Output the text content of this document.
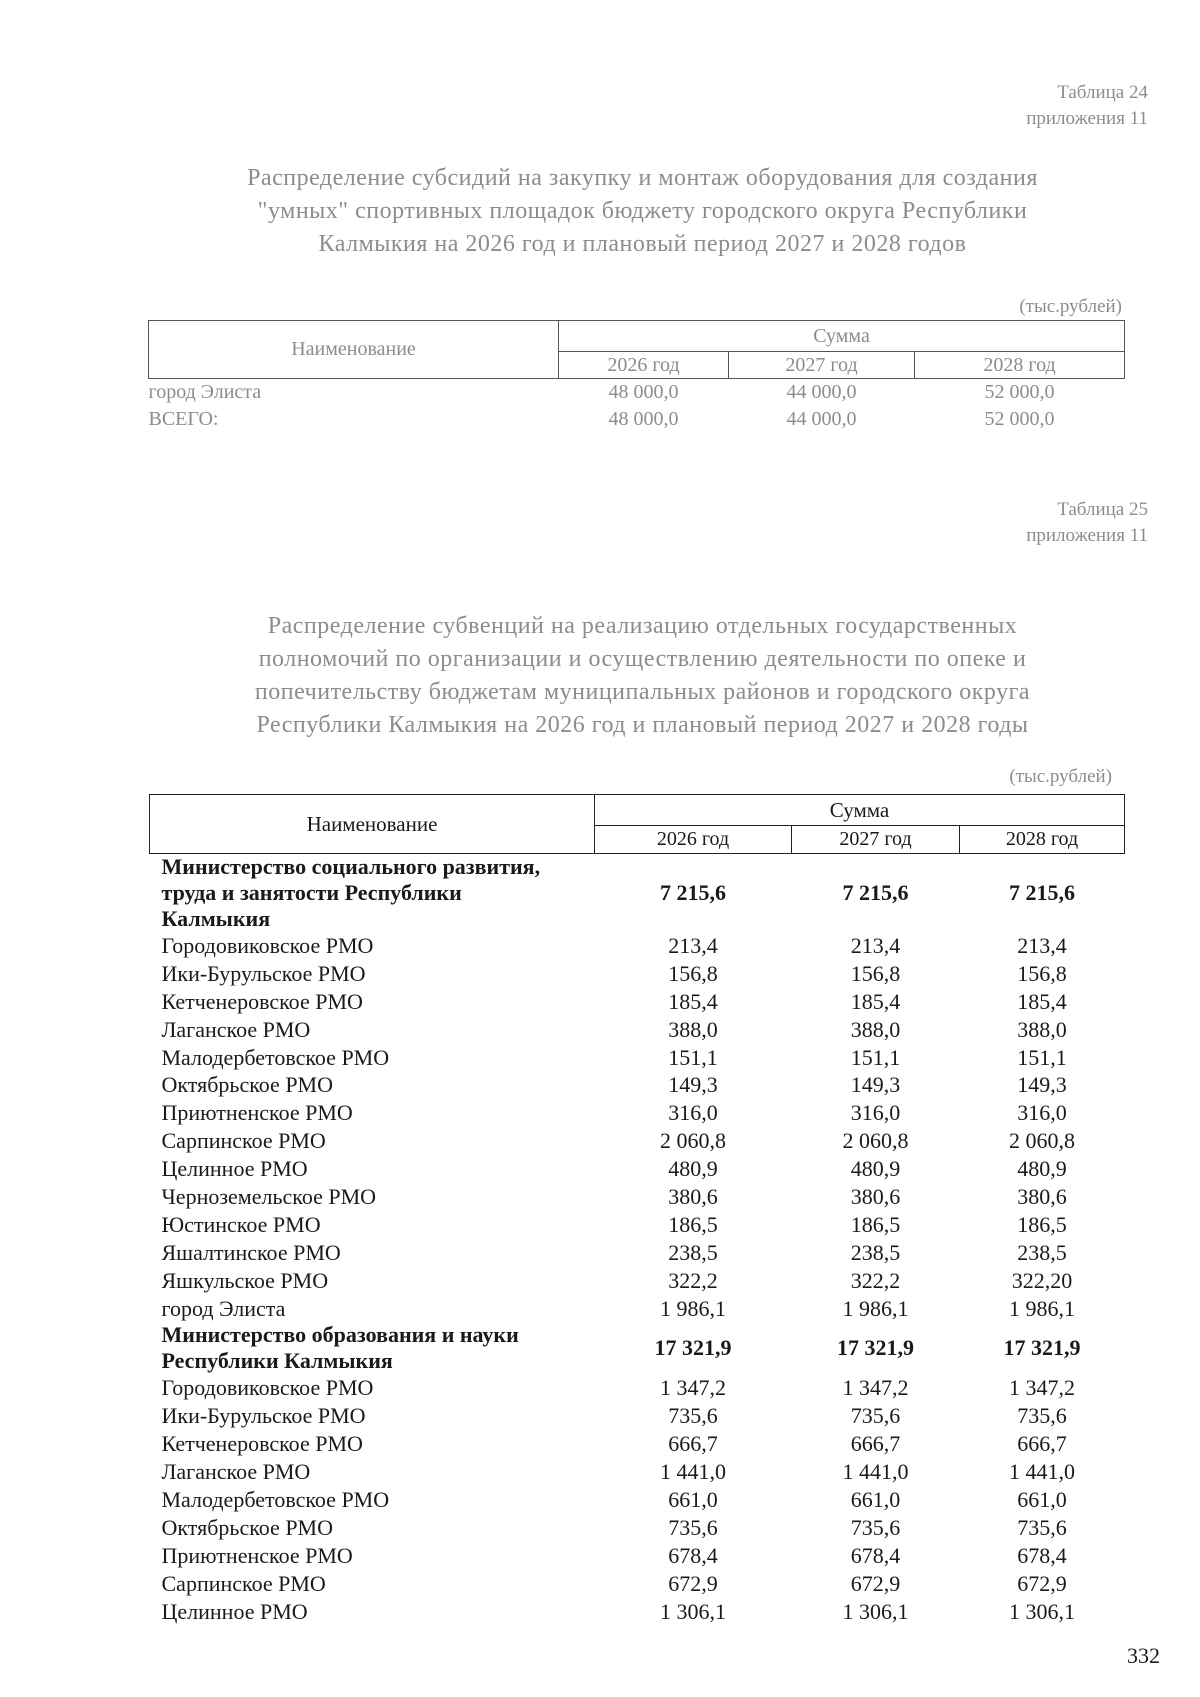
Таблица 24
приложения 11
Распределение субсидий на закупку и монтаж оборудования для создания
"умных" спортивных площадок бюджету городского округа Республики
Калмыкия на 2026 год и плановый период 2027 и 2028 годов
(тыс.рублей)
Наименование	Сумма		
	2026 год	2027 год	2028 год
город Элиста	48 000,0	44 000,0	52 000,0
ВСЕГО:	48 000,0	44 000,0	52 000,0
Таблица 25
приложения 11
Распределение субвенций на реализацию отдельных государственных
полномочий по организации и осуществлению деятельности по опеке и
попечительству бюджетам муниципальных районов и городского округа
Республики Калмыкия на 2026 год и плановый период 2027 и 2028 годы
(тыс.рублей)
Наименование	Сумма		
	2026 год	2027 год	2028 год

Министерство социального развития,
труда и занятости Республики
Калмыкия	7 215,6	7 215,6	7 215,6
Городовиковское РМО	213,4	213,4	213,4
Ики-Бурульское РМО	156,8	156,8	156,8
Кетченеровское РМО	185,4	185,4	185,4
Лаганское РМО	388,0	388,0	388,0
Малодербетовское РМО	151,1	151,1	151,1
Октябрьское РМО	149,3	149,3	149,3
Приютненское РМО	316,0	316,0	316,0
Сарпинское РМО	2 060,8	2 060,8	2 060,8
Целинное РМО	480,9	480,9	480,9
Черноземельское РМО	380,6	380,6	380,6
Юстинское РМО	186,5	186,5	186,5
Яшалтинское РМО	238,5	238,5	238,5
Яшкульское РМО	322,2	322,2	322,20
город Элиста	1 986,1	1 986,1	1 986,1

Министерство образования и науки
Республики Калмыкия	17 321,9	17 321,9	17 321,9
Городовиковское РМО	1 347,2	1 347,2	1 347,2
Ики-Бурульское РМО	735,6	735,6	735,6
Кетченеровское РМО	666,7	666,7	666,7
Лаганское РМО	1 441,0	1 441,0	1 441,0
Малодербетовское РМО	661,0	661,0	661,0
Октябрьское РМО	735,6	735,6	735,6
Приютненское РМО	678,4	678,4	678,4
Сарпинское РМО	672,9	672,9	672,9
Целинное РМО	1 306,1	1 306,1	1 306,1
332
